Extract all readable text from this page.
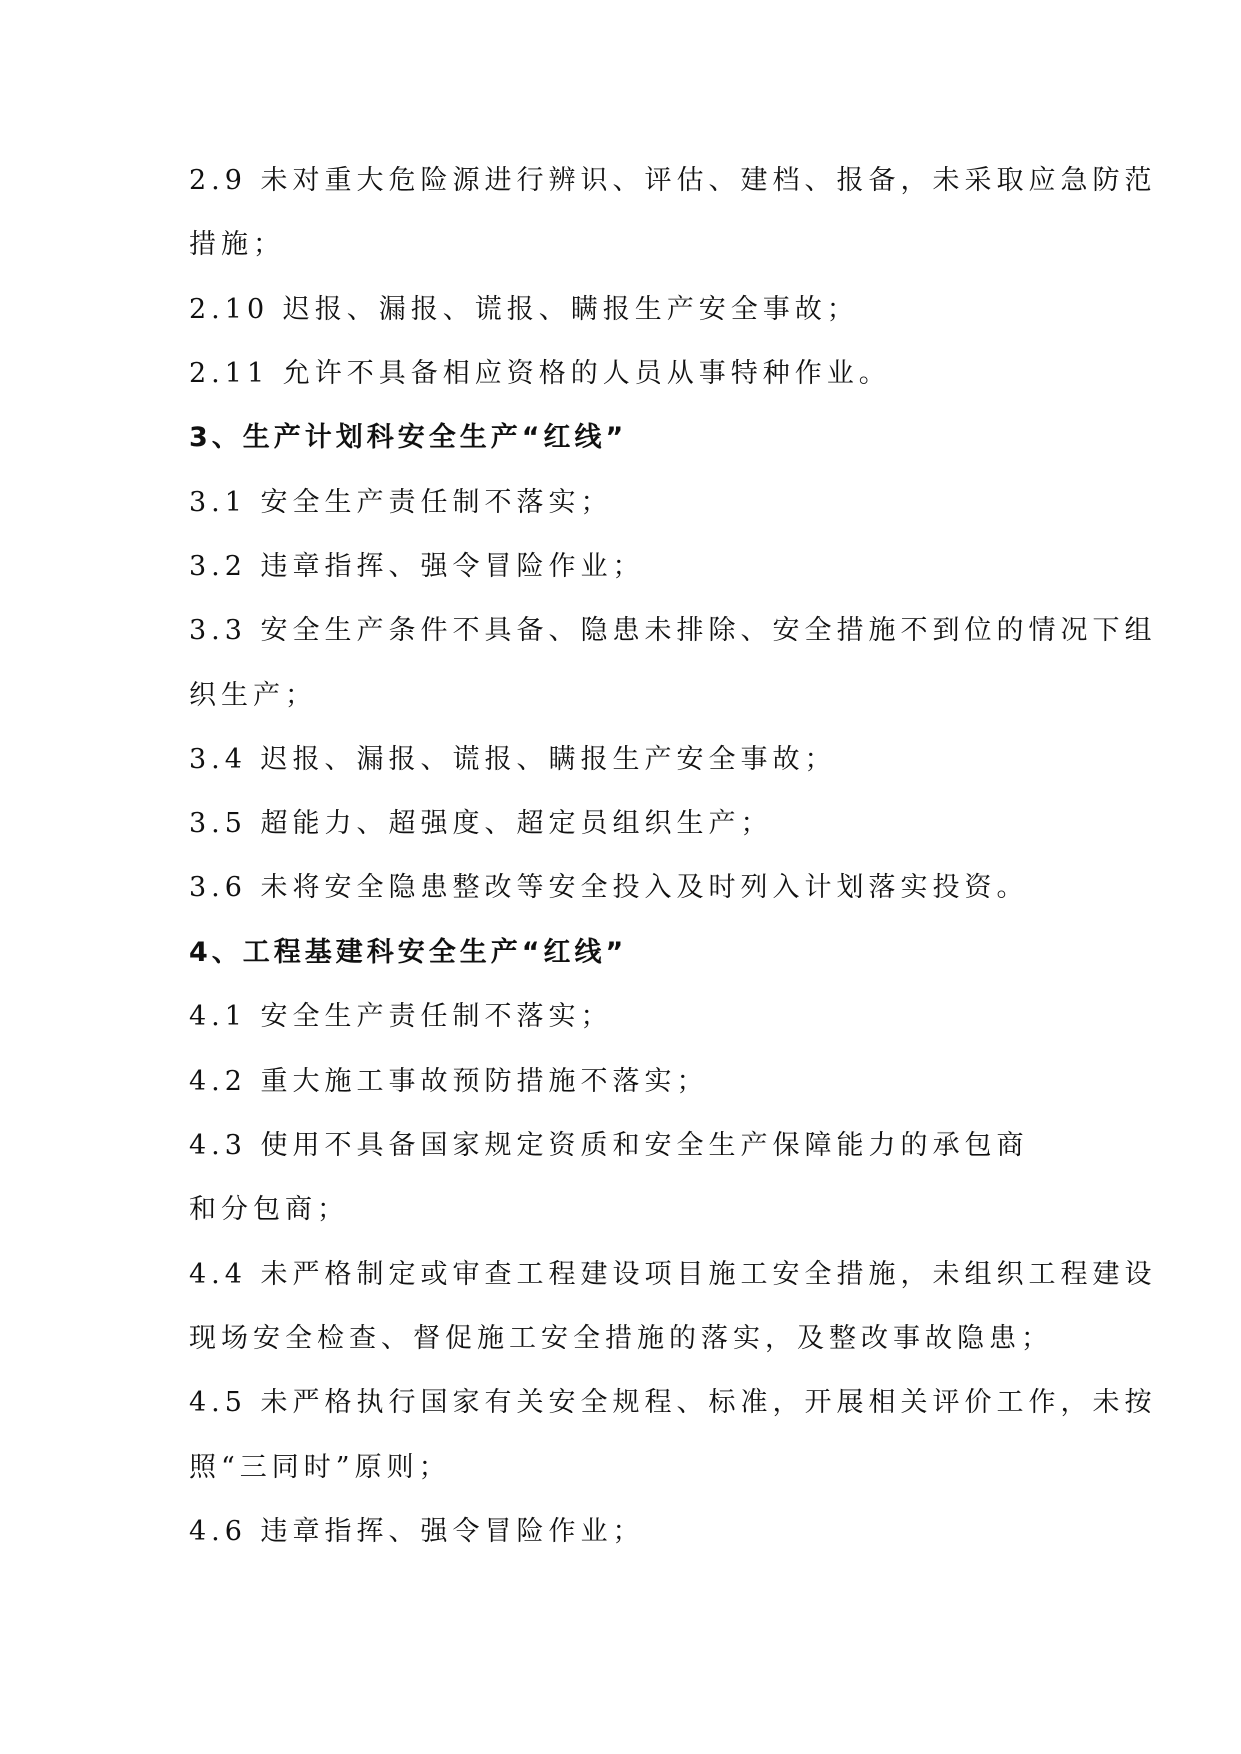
2.9 未对重大危险源进行辨识、评估、建档、报备，未采取应急防范
措施；
2.10 迟报、漏报、谎报、瞒报生产安全事故；
2.11 允许不具备相应资格的人员从事特种作业。
3、生产计划科安全生产“红线”
3.1 安全生产责任制不落实；
3.2 违章指挥、强令冒险作业；
3.3 安全生产条件不具备、隐患未排除、安全措施不到位的情况下组
织生产；
3.4 迟报、漏报、谎报、瞒报生产安全事故；
3.5 超能力、超强度、超定员组织生产；
3.6 未将安全隐患整改等安全投入及时列入计划落实投资。
4、工程基建科安全生产“红线”
4.1 安全生产责任制不落实；
4.2 重大施工事故预防措施不落实；
4.3 使用不具备国家规定资质和安全生产保障能力的承包商
和分包商；
4.4 未严格制定或审查工程建设项目施工安全措施，未组织工程建设
现场安全检查、督促施工安全措施的落实，及整改事故隐患；
4.5 未严格执行国家有关安全规程、标准，开展相关评价工作，未按
照“三同时”原则；
4.6 违章指挥、强令冒险作业；
